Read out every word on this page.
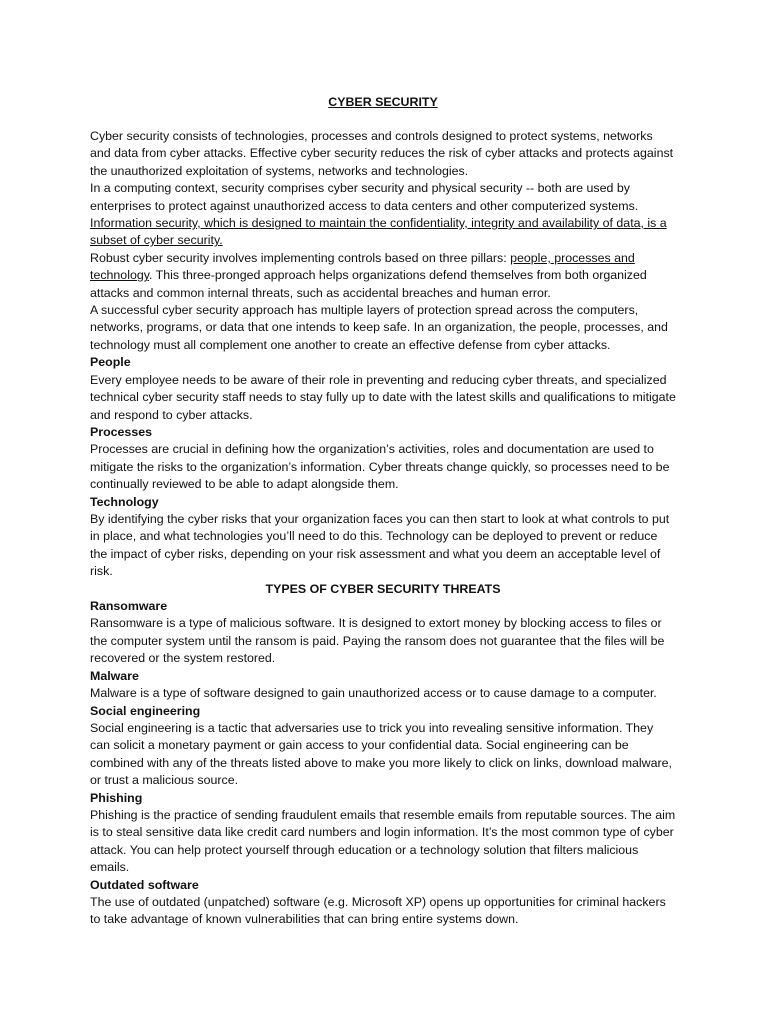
CYBER SECURITY

Cyber security consists of technologies, processes and controls designed to protect systems, networks and data from cyber attacks. Effective cyber security reduces the risk of cyber attacks and protects against the unauthorized exploitation of systems, networks and technologies.

In a computing context, security comprises cyber security and physical security -- both are used by enterprises to protect against unauthorized access to data centers and other computerized systems.

Information security, which is designed to maintain the confidentiality, integrity and availability of data, is a subset of cyber security.

Robust cyber security involves implementing controls based on three pillars: people, processes and technology. This three-pronged approach helps organizations defend themselves from both organized attacks and common internal threats, such as accidental breaches and human error.

A successful cyber security approach has multiple layers of protection spread across the computers, networks, programs, or data that one intends to keep safe. In an organization, the people, processes, and technology must all complement one another to create an effective defense from cyber attacks.

People

Every employee needs to be aware of their role in preventing and reducing cyber threats, and specialized technical cyber security staff needs to stay fully up to date with the latest skills and qualifications to mitigate and respond to cyber attacks.

Processes

Processes are crucial in defining how the organization’s activities, roles and documentation are used to mitigate the risks to the organization’s information. Cyber threats change quickly, so processes need to be continually reviewed to be able to adapt alongside them.

Technology

By identifying the cyber risks that your organization faces you can then start to look at what controls to put in place, and what technologies you’ll need to do this. Technology can be deployed to prevent or reduce the impact of cyber risks, depending on your risk assessment and what you deem an acceptable level of risk.

TYPES OF CYBER SECURITY THREATS

Ransomware

Ransomware is a type of malicious software. It is designed to extort money by blocking access to files or the computer system until the ransom is paid. Paying the ransom does not guarantee that the files will be recovered or the system restored.

Malware

Malware is a type of software designed to gain unauthorized access or to cause damage to a computer.

Social engineering

Social engineering is a tactic that adversaries use to trick you into revealing sensitive information. They can solicit a monetary payment or gain access to your confidential data. Social engineering can be combined with any of the threats listed above to make you more likely to click on links, download malware, or trust a malicious source.

Phishing

Phishing is the practice of sending fraudulent emails that resemble emails from reputable sources. The aim is to steal sensitive data like credit card numbers and login information. It’s the most common type of cyber attack. You can help protect yourself through education or a technology solution that filters malicious emails.

Outdated software

The use of outdated (unpatched) software (e.g. Microsoft XP) opens up opportunities for criminal hackers to take advantage of known vulnerabilities that can bring entire systems down.
